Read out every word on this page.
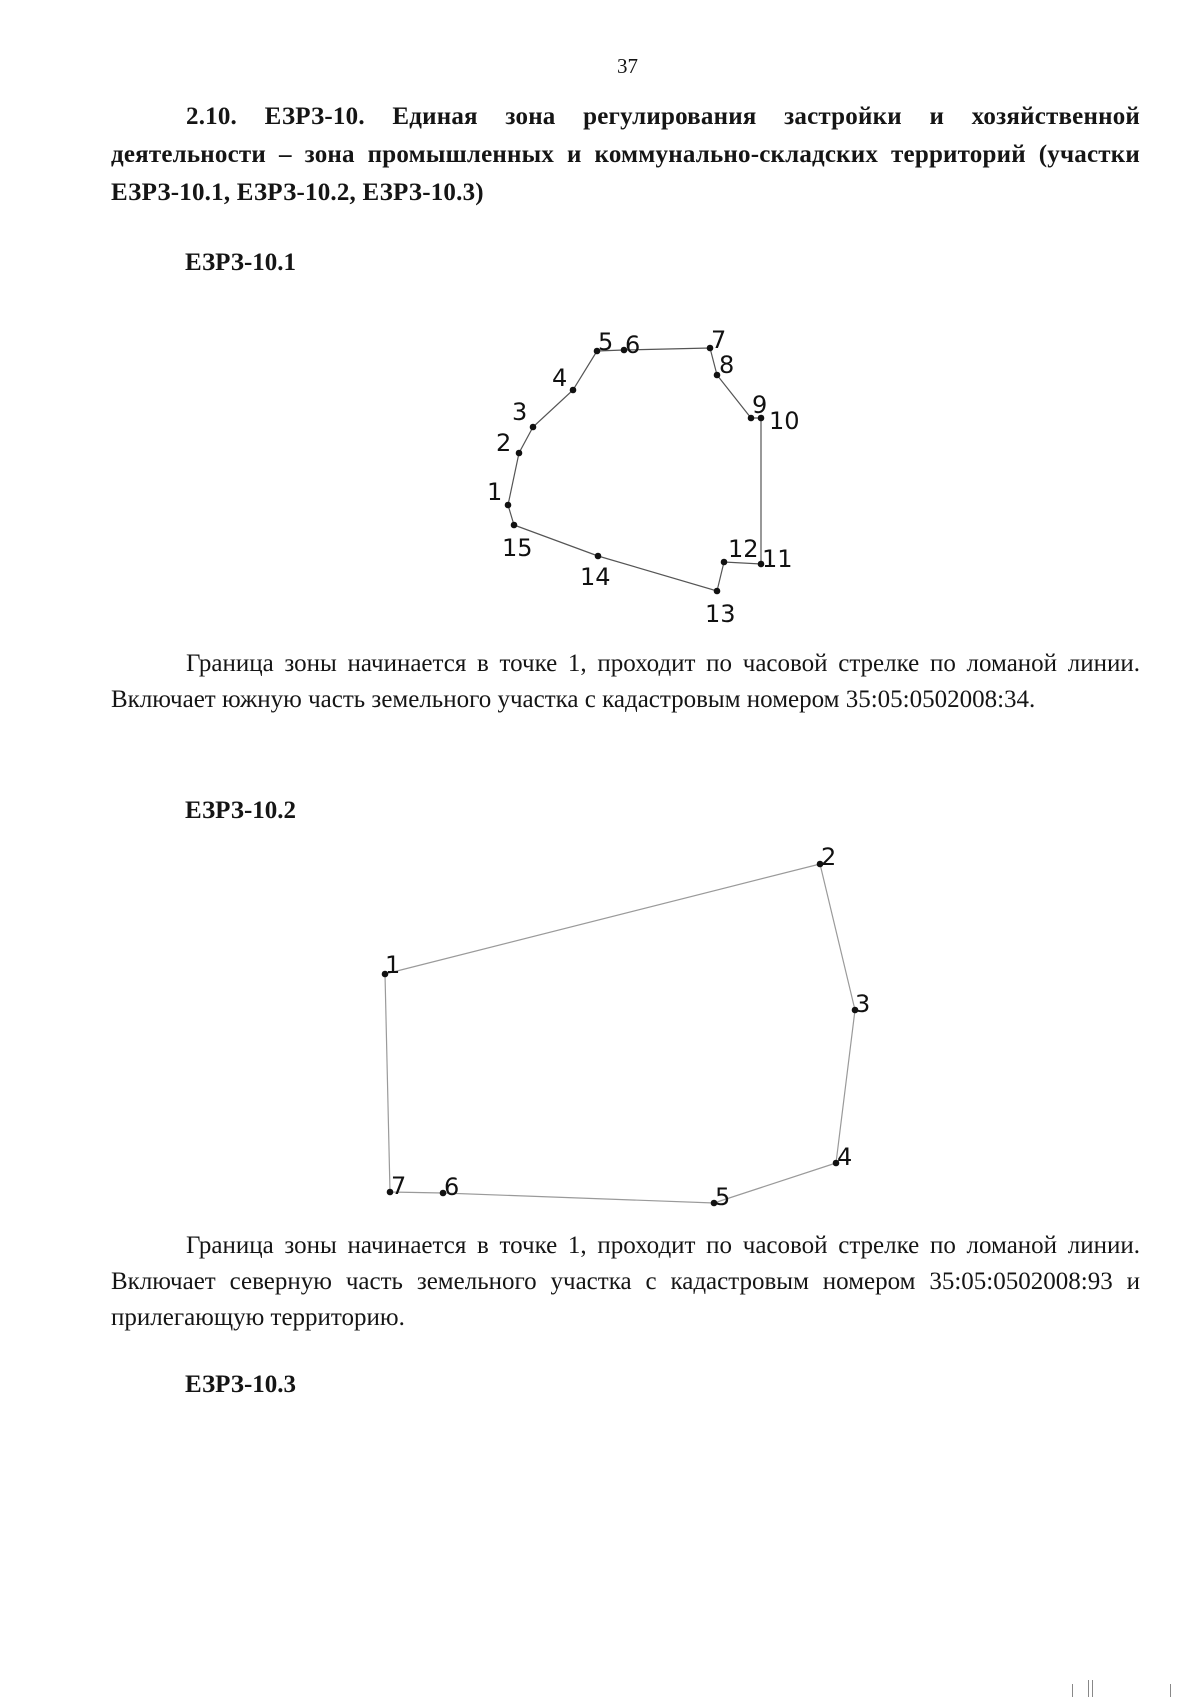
37
2.10. ЕЗРЗ-10. Единая зона регулирования застройки и хозяйственной деятельности – зона промышленных и коммунально-складских территорий (участки ЕЗРЗ-10.1, ЕЗРЗ-10.2, ЕЗРЗ-10.3)
ЕЗРЗ-10.1
1
2
3
4
5 6	7
8
9
10
11
12
13
14
15
1
2
3
4
5
6
7
Граница зоны начинается в точке 1, проходит по часовой стрелке по ломаной линии. Включает южную часть земельного участка с кадастровым номером 35:05:0502008:34.
ЕЗРЗ-10.2
Граница зоны начинается в точке 1, проходит по часовой стрелке по ломаной линии. Включает северную часть земельного участка с кадастровым номером 35:05:0502008:93 и прилегающую территорию.
ЕЗРЗ-10.3
